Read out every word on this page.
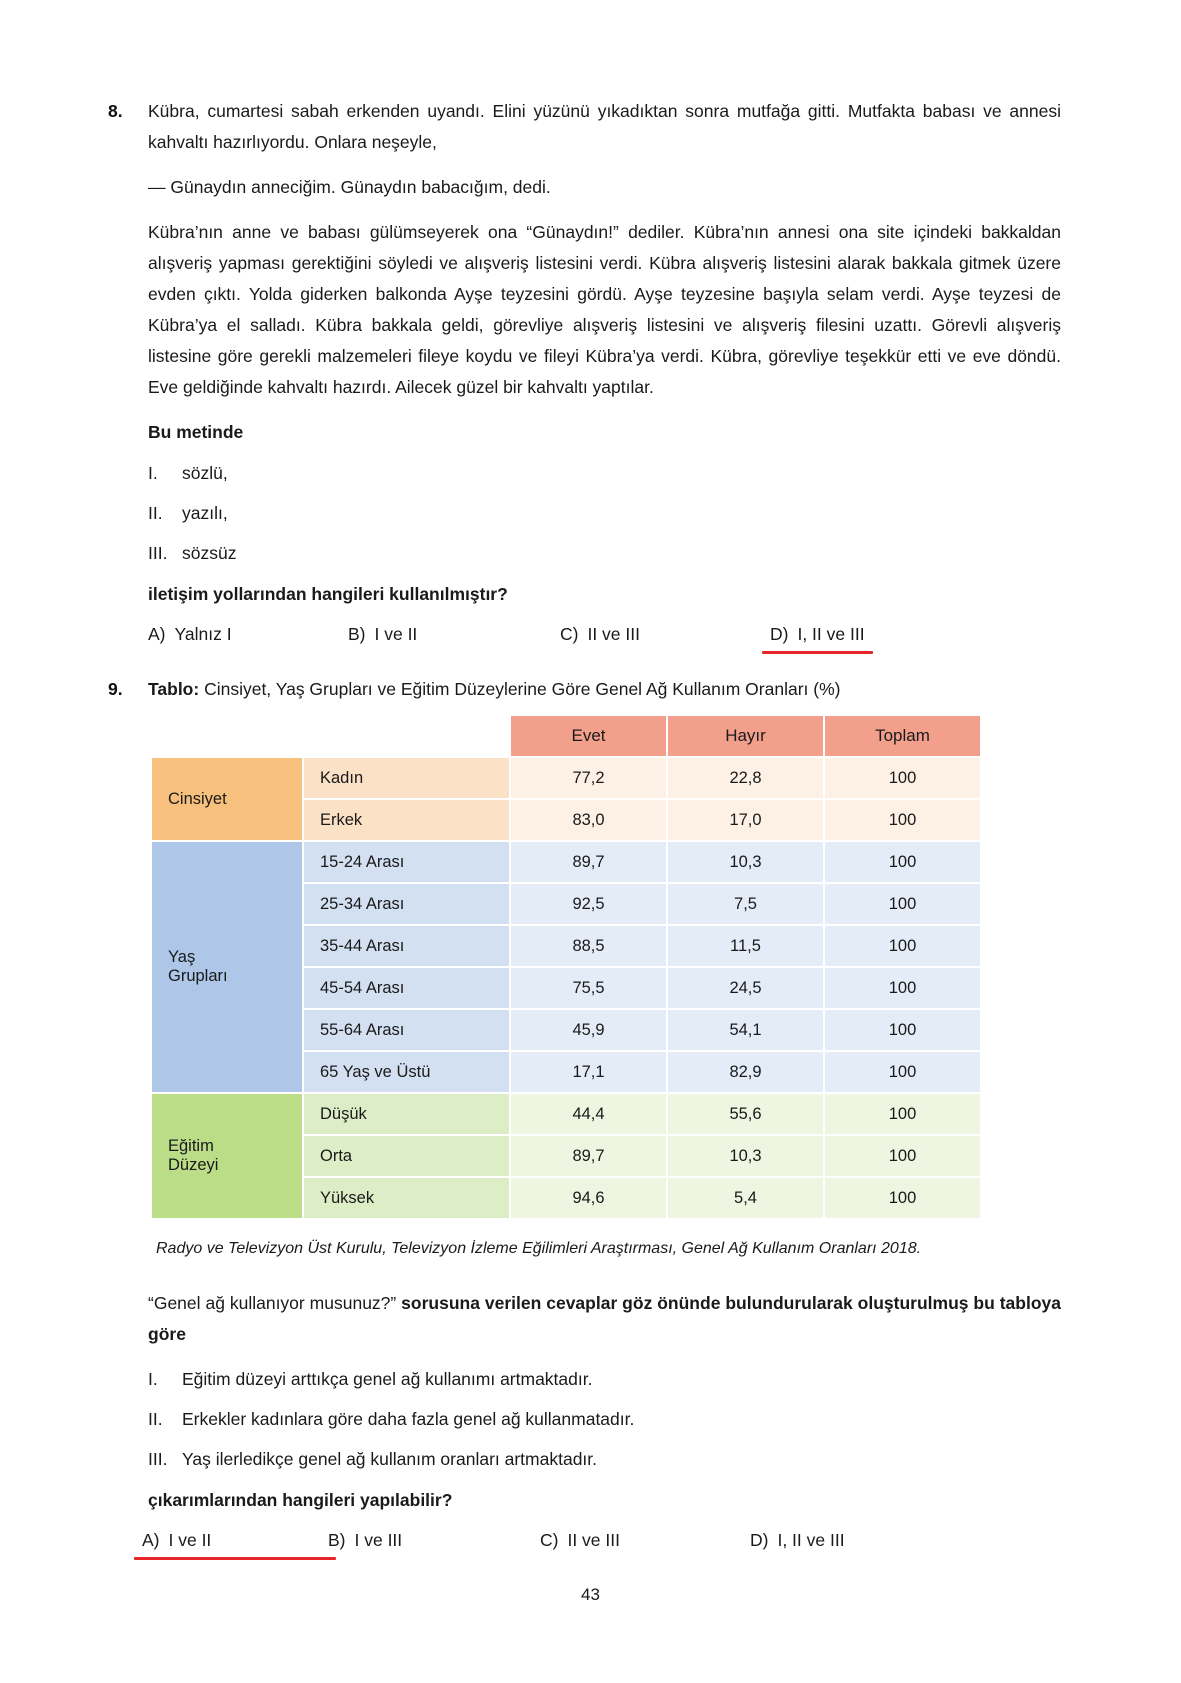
8.	Kübra, cumartesi sabah erkenden uyandı. Elini yüzünü yıkadıktan sonra mutfağa gitti. Mutfakta babası ve annesi kahvaltı hazırlıyordu. Onlara neşeyle,

— Günaydın anneciğim. Günaydın babacığım, dedi.

Kübra’nın anne ve babası gülümseyerek ona “Günaydın!” dediler. Kübra’nın annesi ona site içindeki bakkaldan alışveriş yapması gerektiğini söyledi ve alışveriş listesini verdi. Kübra alışveriş listesini alarak bakkala gitmek üzere evden çıktı. Yolda giderken balkonda Ayşe teyzesini gördü. Ayşe teyzesine başıyla selam verdi. Ayşe teyzesi de Kübra’ya el salladı. Kübra bakkala geldi, görevliye alışveriş listesini ve alışveriş filesini uzattı. Görevli alışveriş listesine göre gerekli malzemeleri fileye koydu ve fileyi Kübra’ya verdi. Kübra, görevliye teşekkür etti ve eve döndü. Eve geldiğinde kahvaltı hazırdı. Ailecek güzel bir kahvaltı yaptılar.

Bu metinde
I.	sözlü,
II.	yazılı,
III. sözsüz
iletişim yollarından hangileri kullanılmıştır?
A) Yalnız I	B) I ve II	C) II ve III	D) I, II ve III
9.	Tablo: Cinsiyet, Yaş Grupları ve Eğitim Düzeylerine Göre Genel Ağ Kullanım Oranları (%)
		Evet	Hayır	Toplam
Cinsiyet	Kadın	77,2	22,8	100
	Erkek	83,0	17,0	100

Yaş
Grupları	15-24 Arası	89,7	10,3	100
	25-34 Arası	92,5	7,5	100
	35-44 Arası	88,5	11,5	100
	45-54 Arası	75,5	24,5	100
	55-64 Arası	45,9	54,1	100
	65 Yaş ve Üstü	17,1	82,9	100

Eğitim
Düzeyi	Düşük	44,4	55,6	100
	Orta	89,7	10,3	100
	Yüksek	94,6	5,4	100
Radyo ve Televizyon Üst Kurulu, Televizyon İzleme Eğilimleri Araştırması, Genel Ağ Kullanım Oranları 2018.
“Genel ağ kullanıyor musunuz?” sorusuna verilen cevaplar göz önünde bulundurularak oluşturulmuş bu tabloya göre
I.	Eğitim düzeyi arttıkça genel ağ kullanımı artmaktadır.
II.	Erkekler kadınlara göre daha fazla genel ağ kullanmatadır.
III. Yaş ilerledikçe genel ağ kullanım oranları artmaktadır.
çıkarımlarından hangileri yapılabilir?
A) I ve II	B) I ve III	C) II ve III	D) I, II ve III
43
